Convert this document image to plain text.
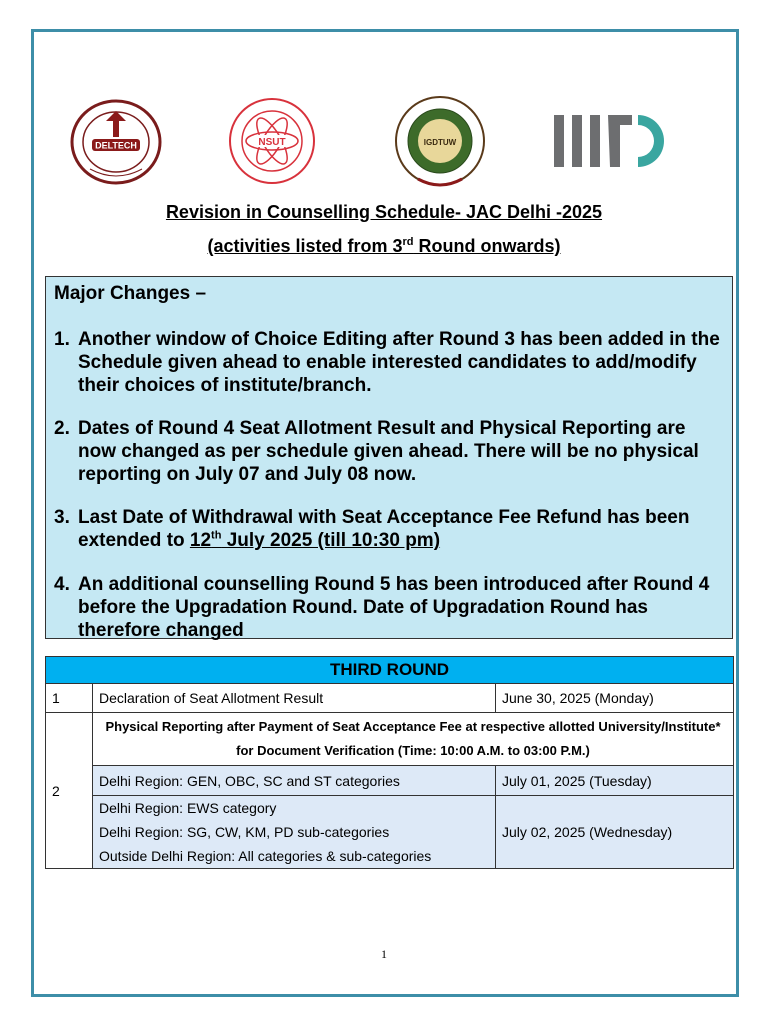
DELTECH	NSUT	IGDTUW
Revision in Counselling Schedule- JAC Delhi -2025
(activities listed from 3rd Round onwards)
Major Changes –
1. Another window of Choice Editing after Round 3 has been added in the Schedule given ahead to enable interested candidates to add/modify their choices of institute/branch.
2. Dates of Round 4 Seat Allotment Result and Physical Reporting are now changed as per schedule given ahead. There will be no physical reporting on July 07 and July 08 now.
3. Last Date of Withdrawal with Seat Acceptance Fee Refund has been extended to 12th July 2025 (till 10:30 pm)
4. An additional counselling Round 5 has been introduced after Round 4 before the Upgradation Round. Date of Upgradation Round has therefore changed
THIRD ROUND		
1	Declaration of Seat Allotment Result	June 30, 2025 (Monday)
2	Physical Reporting after Payment of Seat Acceptance Fee at respective allotted University/Institute* for Document Verification (Time: 10:00 A.M. to 03:00 P.M.)	
	Delhi Region: GEN, OBC, SC and ST categories	July 01, 2025 (Tuesday)

	Delhi Region: EWS category
Delhi Region: SG, CW, KM, PD sub-categories
Outside Delhi Region: All categories & sub-categories	July 02, 2025 (Wednesday)
1
